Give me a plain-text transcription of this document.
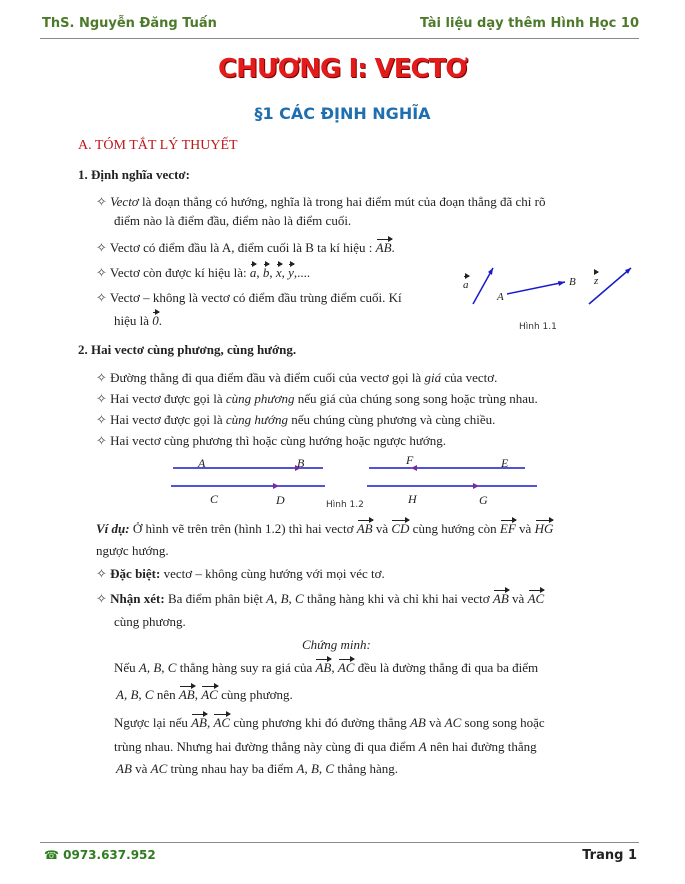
ThS. Nguyễn Đăng Tuấn	Tài liệu dạy thêm Hình Học 10
CHƯƠNG I: VECTƠ
§1 CÁC ĐỊNH NGHĨA
A. TÓM TẮT LÝ THUYẾT
1. Định nghĩa vectơ:
✧ Vectơ là đoạn thẳng có hướng, nghĩa là trong hai điểm mút của đoạn thẳng đã chỉ rõ
điểm nào là điểm đầu, điểm nào là điểm cuối.
✧ Vectơ có điểm đầu là A, điểm cuối là B ta kí hiệu : AB.
✧ Vectơ còn được kí hiệu là: a, b, x, y,....
✧ Vectơ – không là vectơ có điểm đầu trùng điểm cuối. Kí
hiệu là 0.
a
A
B z
Hình 1.1
2. Hai vectơ cùng phương, cùng hướng.
✧ Đường thẳng đi qua điểm đầu và điểm cuối của vectơ gọi là giá của vectơ.
✧ Hai vectơ được gọi là cùng phương nếu giá của chúng song song hoặc trùng nhau.
✧ Hai vectơ được gọi là cùng hướng nếu chúng cùng phương và cùng chiều.
✧ Hai vectơ cùng phương thì hoặc cùng hướng hoặc ngược hướng.
A	B	F	E
C	D	H	G
Hình 1.2
Ví dụ: Ở hình vẽ trên trên (hình 1.2) thì hai vectơ AB và CD cùng hướng còn EF và HG
ngược hướng.
✧ Đặc biệt: vectơ – không cùng hướng với mọi véc tơ.
✧ Nhận xét: Ba điểm phân biệt A, B, C thẳng hàng khi và chỉ khi hai vectơ AB và AC
cùng phương.
Chứng minh:
Nếu A, B, C thẳng hàng suy ra giá của AB, AC đều là đường thẳng đi qua ba điểm
A, B, C nên AB, AC cùng phương.
Ngược lại nếu AB, AC cùng phương khi đó đường thẳng AB và AC song song hoặc
trùng nhau. Nhưng hai đường thẳng này cùng đi qua điểm A nên hai đường thẳng
AB và AC trùng nhau hay ba điểm A, B, C thẳng hàng.
☎ 0973.637.952	Trang 1
